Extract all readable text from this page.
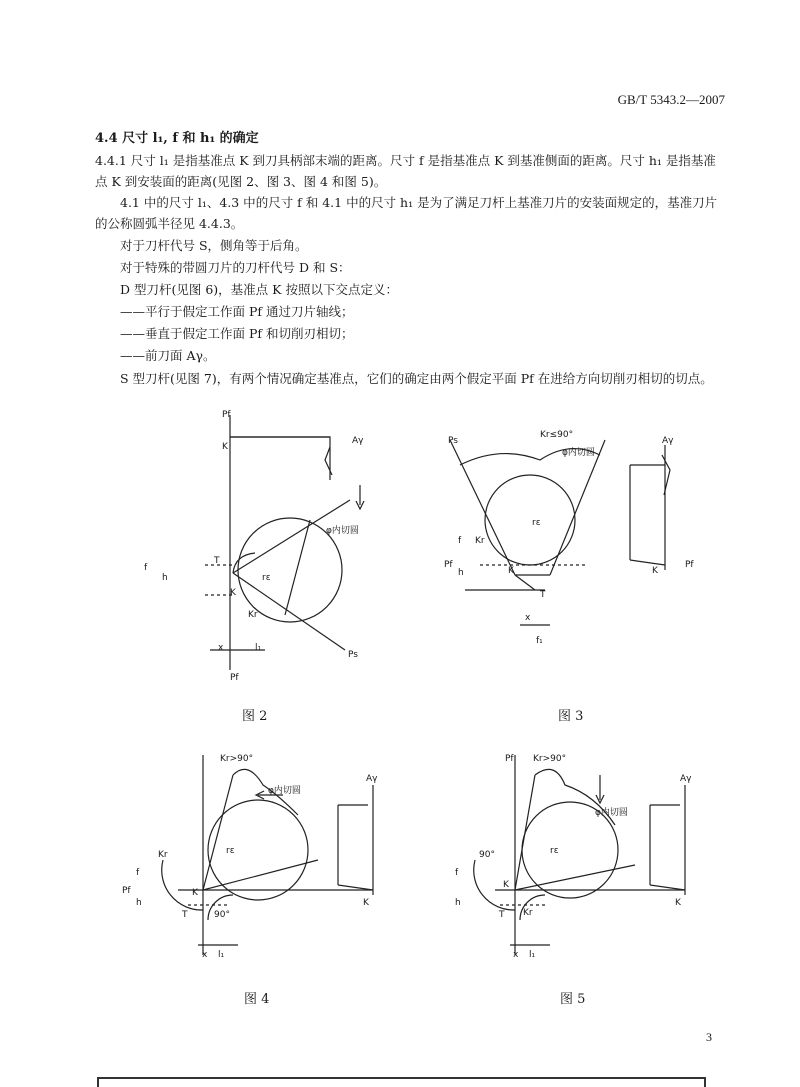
GB/T 5343.2—2007
4.4 尺寸 l₁, f 和 h₁ 的确定
4.4.1 尺寸 l₁ 是指基准点 K 到刀具柄部末端的距离。尺寸 f 是指基准点 K 到基准侧面的距离。尺寸 h₁ 是指基准点 K 到安装面的距离(见图 2、图 3、图 4 和图 5)。
4.1 中的尺寸 l₁、4.3 中的尺寸 f 和 4.1 中的尺寸 h₁ 是为了满足刀杆上基准刀片的安装面规定的，基准刀片的公称圆弧半径见 4.4.3。
对于刀杆代号 S，侧角等于后角。
对于特殊的带圆刀片的刀杆代号 D 和 S：
D 型刀杆(见图 6)，基准点 K 按照以下交点定义：
——平行于假定工作面 Pf 通过刀片轴线；
——垂直于假定工作面 Pf 和切削刃相切；
——前刀面 Aγ。
S 型刀杆(见图 7)，有两个情况确定基准点，它们的确定由两个假定平面 Pf 在进给方向切削刃相切的切点。
Pf
K
Aγ
T
φ内切圆
rε
K
Kr
f
h
x	l₁
Ps
Pf
图 2
Ps
Kr≤90°
φ内切圆
rε
Kr
Pf
K
T
Aγ
f
h
x
f₁
K
Pf
图 3
Kr>90°
φ内切圆
rε
Kr
Pf	K
T	90°
Aγ
f
h
x l₁
K
图 4
Kr>90°
φ内切圆
rε
Kr
Pf
90°
K
T
Aγ
f
h
x l₁
K
图 5
3
